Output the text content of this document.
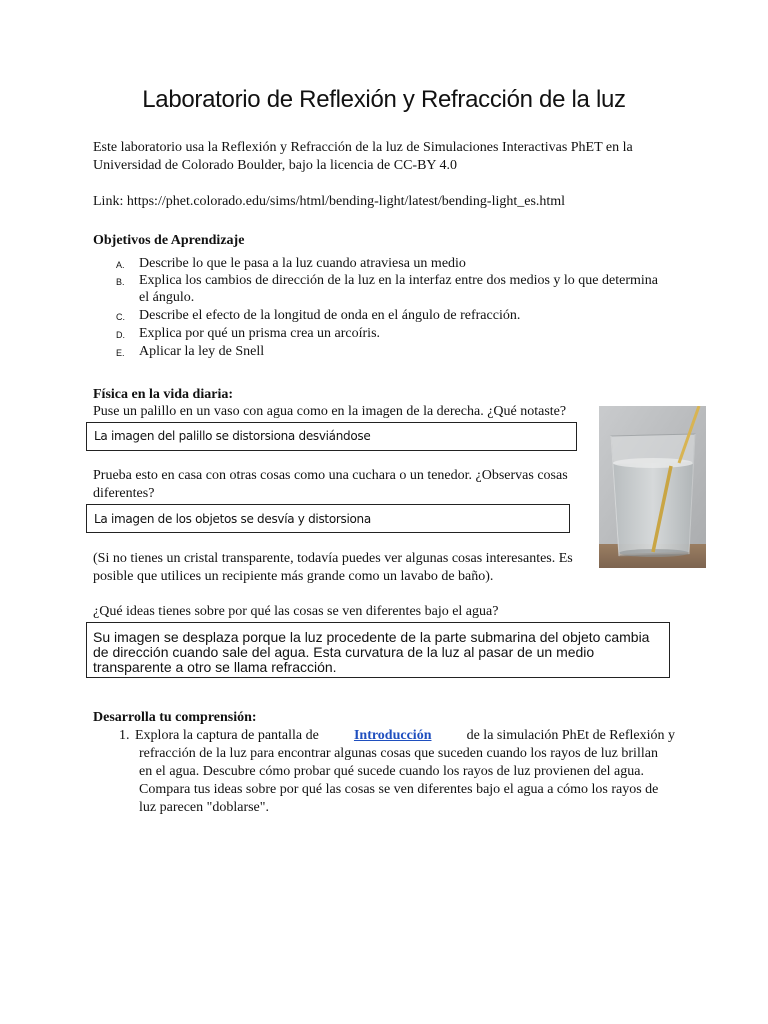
Laboratorio de Reflexión y Refracción de la luz
Este laboratorio usa la Reflexión y Refracción de la luz de Simulaciones Interactivas PhET en la
Universidad de Colorado Boulder, bajo la licencia de CC-BY 4.0
Link: https://phet.colorado.edu/sims/html/bending-light/latest/bending-light_es.html
Objetivos de Aprendizaje
A. Describe lo que le pasa a la luz cuando atraviesa un medio
B. Explica los cambios de dirección de la luz en la interfaz entre dos medios y lo que determina
el ángulo.
C. Describe el efecto de la longitud de onda en el ángulo de refracción.
D. Explica por qué un prisma crea un arcoíris.
E. Aplicar la ley de Snell
Física en la vida diaria:
Puse un palillo en un vaso con agua como en la imagen de la derecha. ¿Qué notaste?
La imagen del palillo se distorsiona desviándose
Prueba esto en casa con otras cosas como una cuchara o un tenedor. ¿Observas cosas
diferentes?
La imagen de los objetos se desvía y distorsiona
(Si no tienes un cristal transparente, todavía puedes ver algunas cosas interesantes. Es
posible que utilices un recipiente más grande como un lavabo de baño).
¿Qué ideas tienes sobre por qué las cosas se ven diferentes bajo el agua?
Su imagen se desplaza porque la luz procedente de la parte submarina del objeto cambia
de dirección cuando sale del agua. Esta curvatura de la luz al pasar de un medio
transparente a otro se llama refracción.
Desarrolla tu comprensión:
1. Explora la captura de pantalla de	Introducción	de la simulación PhEt de Reflexión y
refracción de la luz para encontrar algunas cosas que suceden cuando los rayos de luz brillan
en el agua. Descubre cómo probar qué sucede cuando los rayos de luz provienen del agua.
Compara tus ideas sobre por qué las cosas se ven diferentes bajo el agua a cómo los rayos de
luz parecen "doblarse".
